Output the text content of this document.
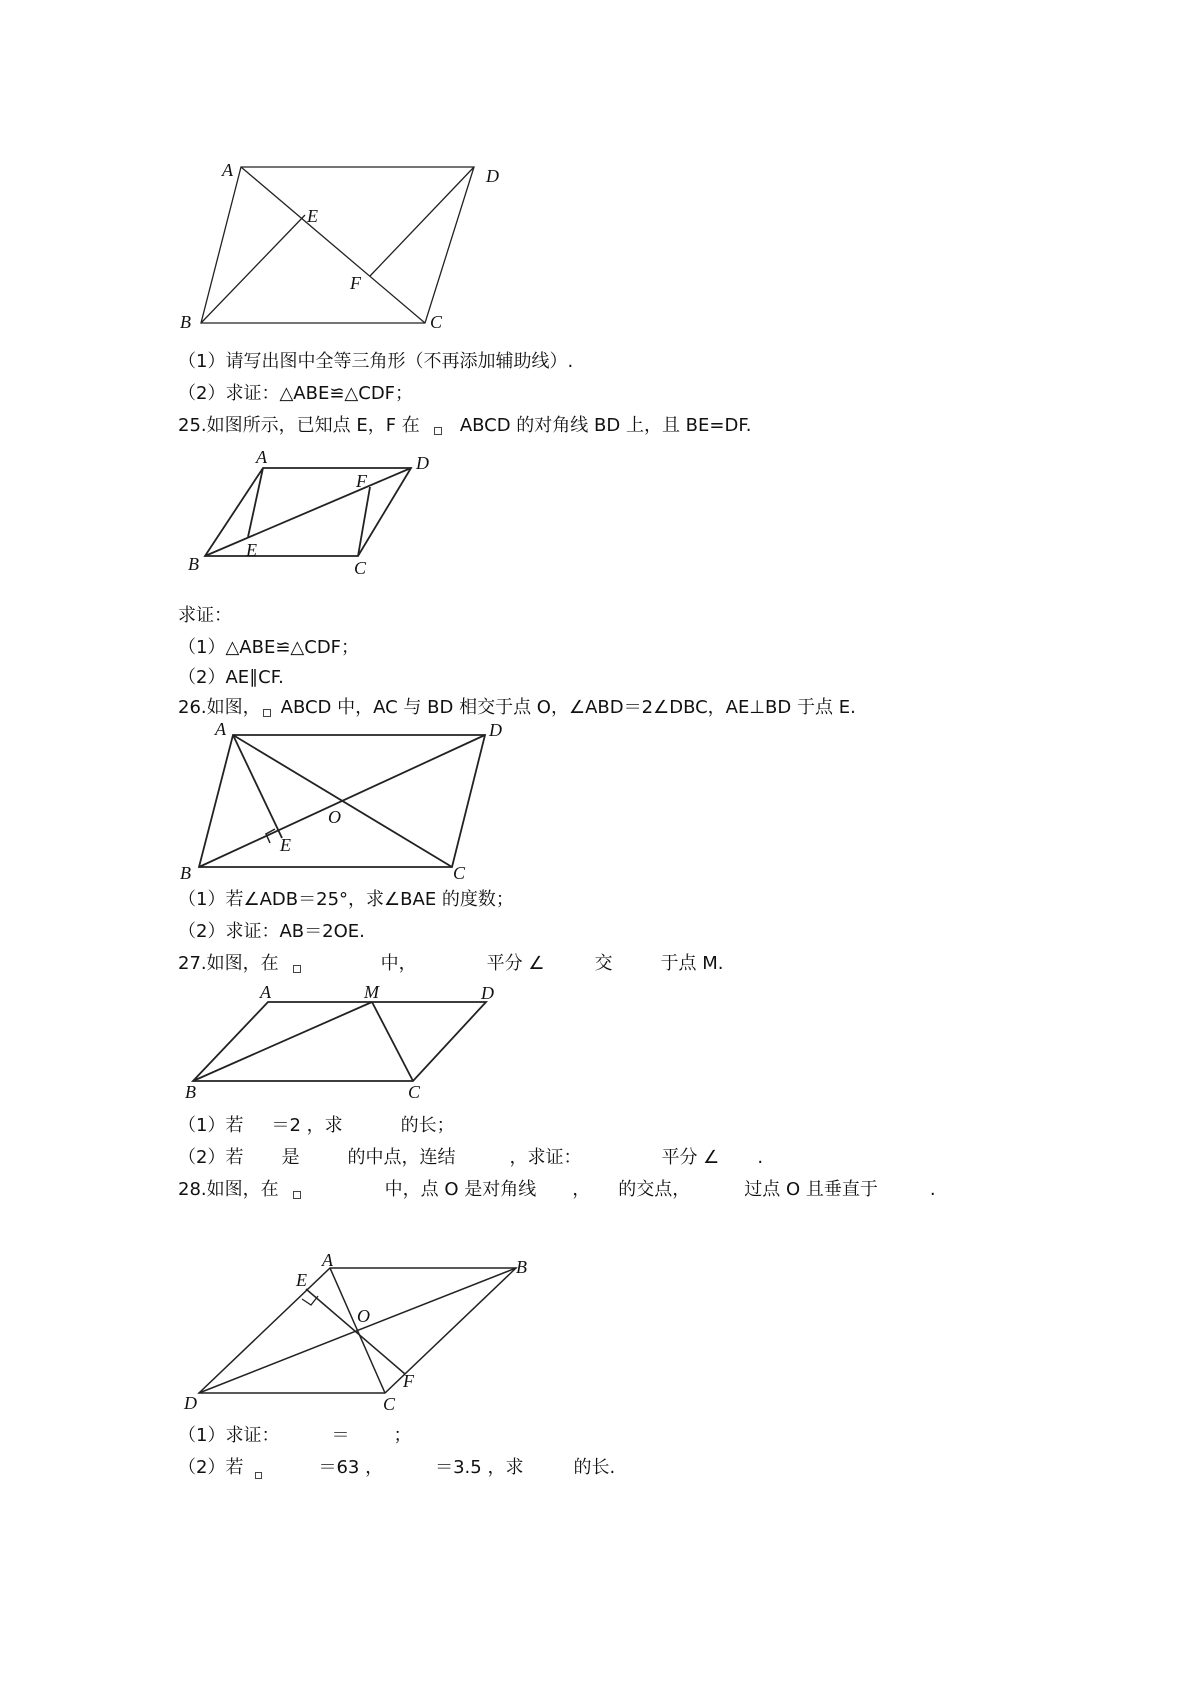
A	D
E
F
B	C
（1）请写出图中全等三角形（不再添加辅助线）.
（2）求证：△ABE≌△CDF；
25.如图所示，已知点 E，F 在 ABCD 的对角线 BD 上，且 BE=DF.
A	D
F
E
B	C
求证：
（1）△ABE≌△CDF；
（2）AE∥CF.
26.如图， ABCD 中，AC 与 BD 相交于点 O，∠ABD＝2∠DBC，AE⊥BD 于点 E.
A	D
O
E
B	C
（1）若∠ADB＝25°，求∠BAE 的度数；
（2）求证：AB＝2OE.
27.如图，在	中，	平分 ∠	交	于点 M.
A	M	D
B	C
（1）若 ＝2 ，求	的长；
（2）若 是	的中点，连结	，求证：	平分 ∠ .
28.如图，在	中，点 O 是对角线 ， 的交点，	过点 O 且垂直于	.
A	B
E
O
F
D	C
（1）求证：	＝ ；
（2）若	＝63 ，	＝3.5 ，求	的长.
